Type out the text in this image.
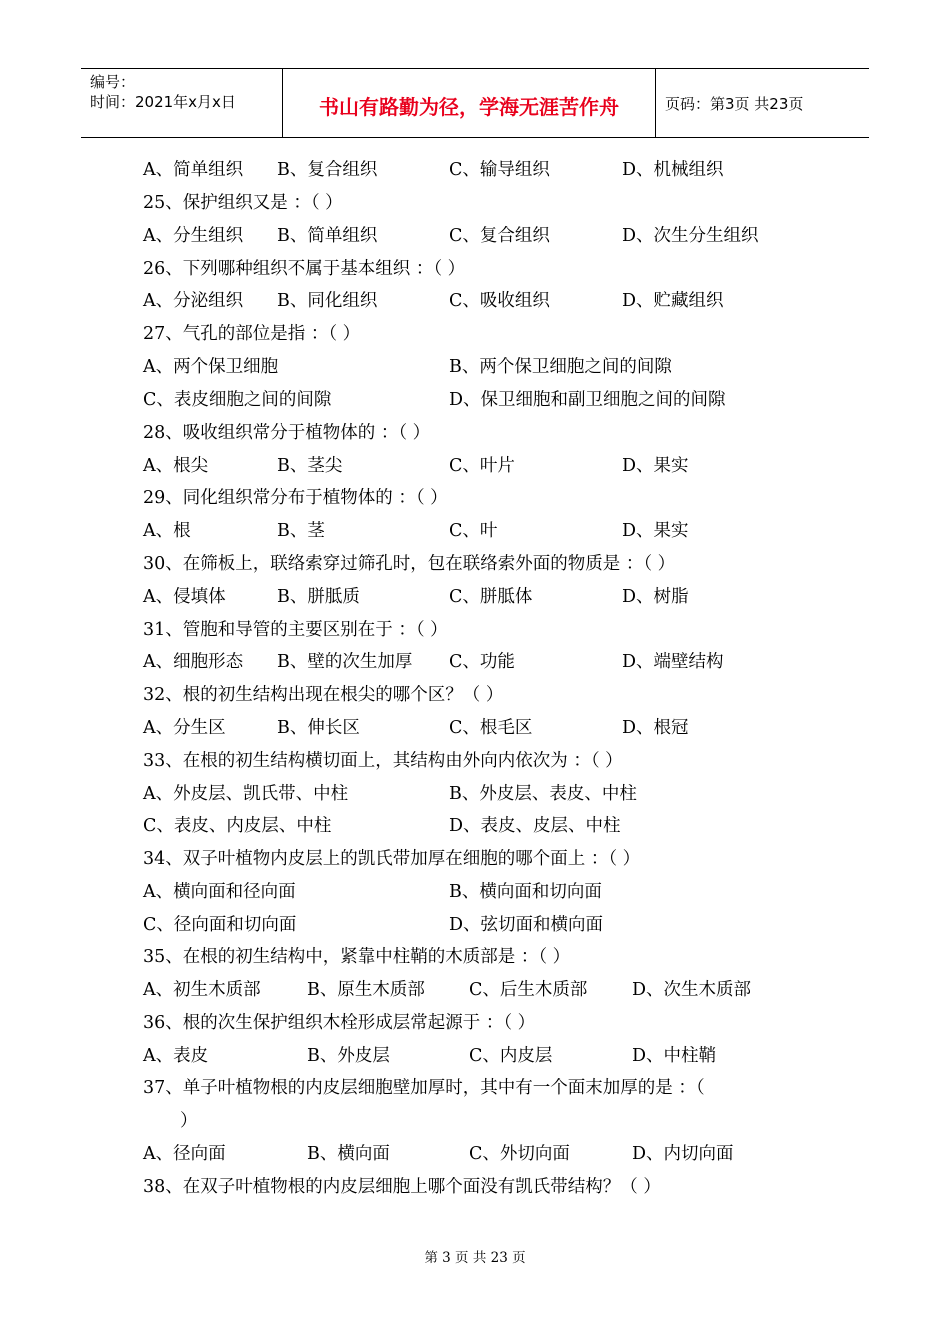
编号：
时间：2021年x月x日	书山有路勤为径，学海无涯苦作舟	页码：第3页 共23页
A、简单组织 B、复合组织	C、输导组织	D、机械组织
25、保护组织又是 ：（ ）
A、分生组织 B、简单组织	C、复合组织	D、次生分生组织
26、下列哪种组织不属于基本组织 ：（ ）
A、分泌组织 B、同化组织	C、吸收组织	D、贮藏组织
27、气孔的部位是指 ：（ ）
A、两个保卫细胞	B、两个保卫细胞之间的间隙
C、表皮细胞之间的间隙	D、保卫细胞和副卫细胞之间的间隙
28、吸收组织常分于植物体的 ：（ ）
A、根尖	B、茎尖	C、叶片	D、果实
29、同化组织常分布于植物体的 ：（ ）
A、根	B、茎	C、叶	D、果实
30、在筛板上，联络索穿过筛孔时，包在联络索外面的物质是 ：（ ）
A、侵填体	B、胼胝质	C、胼胝体	D、树脂
31、管胞和导管的主要区别在于 ：（ ）
A、细胞形态 B、壁的次生加厚 C、功能	D、端壁结构
32、根的初生结构出现在根尖的哪个区？（ ）
A、分生区	B、伸长区	C、根毛区	D、根冠
33、在根的初生结构横切面上，其结构由外向内依次为 ：（ ）
A、外皮层、凯氏带、中柱	B、外皮层、表皮、中柱
C、表皮、内皮层、中柱	D、表皮、皮层、中柱
34、双子叶植物内皮层上的凯氏带加厚在细胞的哪个面上 ：（ ）
A、横向面和径向面	B、横向面和切向面
C、径向面和切向面	D、弦切面和横向面
35、在根的初生结构中，紧靠中柱鞘的木质部是 ：（ ）
A、初生木质部	B、原生木质部	C、后生木质部	D、次生木质部
36、根的次生保护组织木栓形成层常起源于 ：（ ）
A、表皮	B、外皮层	C、内皮层	D、中柱鞘
37、单子叶植物根的内皮层细胞壁加厚时，其中有一个面末加厚的是 ：（
）
A、径向面	B、横向面	C、外切向面	D、内切向面
38、在双子叶植物根的内皮层细胞上哪个面没有凯氏带结构？（ ）
第 3 页 共 23 页
